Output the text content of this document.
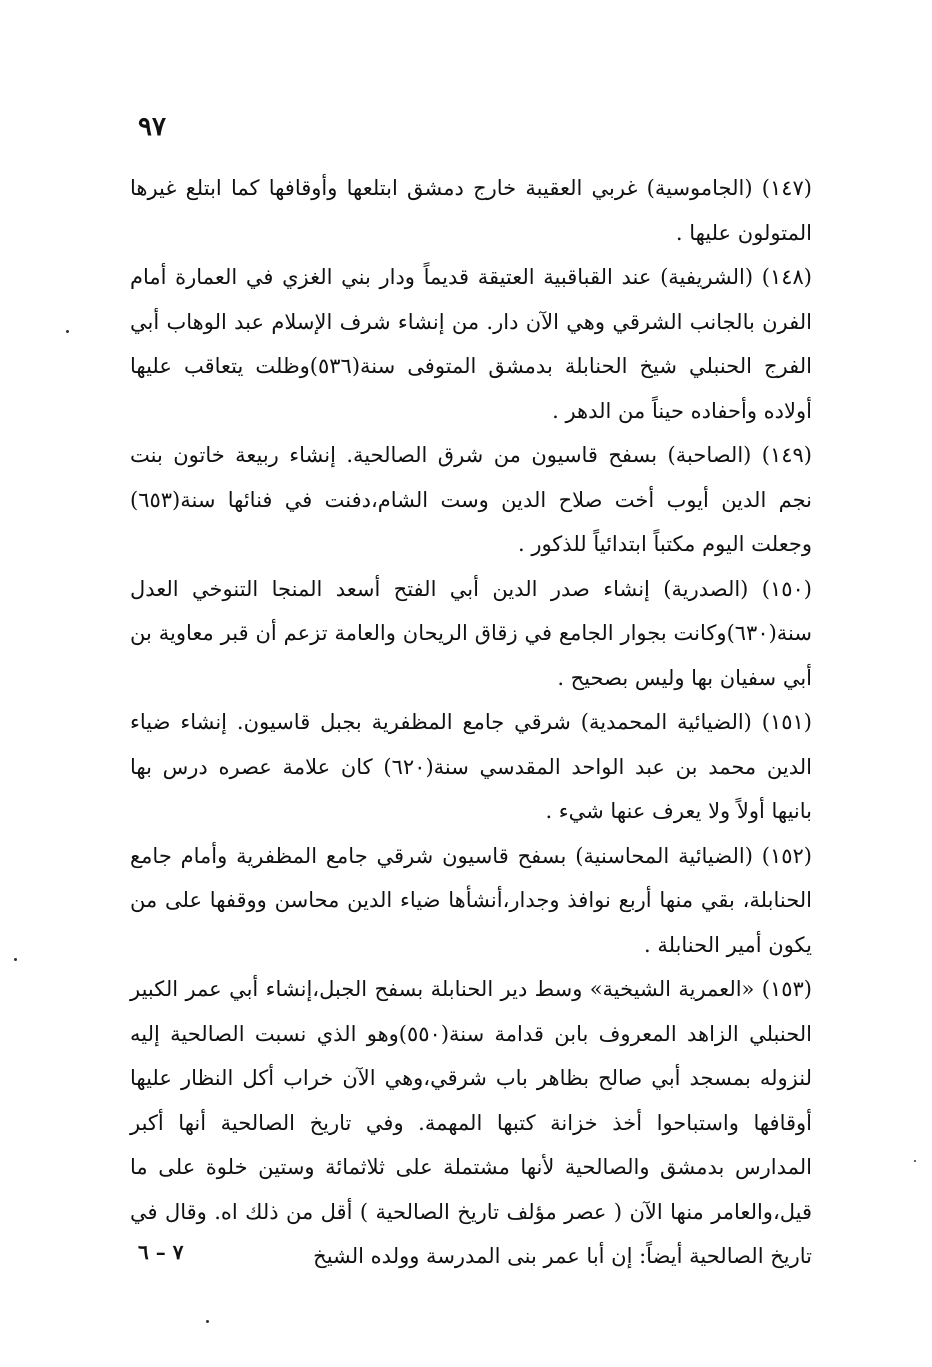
٩٧

(١٤٧) (الجاموسية) غربي العقيبة خارج دمشق ابتلعها وأوقافها كما ابتلع غيرها المتولون عليها .

(١٤٨) (الشريفية) عند القباقبية العتيقة قديماً ودار بني الغزي في العمارة أمام الفرن بالجانب الشرقي وهي الآن دار. من إنشاء شرف الإسلام عبد الوهاب أبي الفرج الحنبلي شيخ الحنابلة بدمشق المتوفى سنة(٥٣٦)وظلت يتعاقب عليها أولاده وأحفاده حيناً من الدهر .

(١٤٩) (الصاحبة) بسفح قاسيون من شرق الصالحية. إنشاء ربيعة خاتون بنت نجم الدين أيوب أخت صلاح الدين وست الشام،دفنت في فنائها سنة(٦٥٣) وجعلت اليوم مكتباً ابتدائياً للذكور .

(١٥٠) (الصدرية) إنشاء صدر الدين أبي الفتح أسعد المنجا التنوخي العدل سنة(٦٣٠)وكانت بجوار الجامع في زقاق الريحان والعامة تزعم أن قبر معاوية بن أبي سفيان بها وليس بصحيح .

(١٥١) (الضيائية المحمدية) شرقي جامع المظفرية بجبل قاسيون. إنشاء ضياء الدين محمد بن عبد الواحد المقدسي سنة(٦٢٠) كان علامة عصره درس بها بانيها أولاً ولا يعرف عنها شيء .

(١٥٢) (الضيائية المحاسنية) بسفح قاسيون شرقي جامع المظفرية وأمام جامع الحنابلة، بقي منها أربع نوافذ وجدار،أنشأها ضياء الدين محاسن ووقفها على من يكون أمير الحنابلة .

(١٥٣) «العمرية الشيخية» وسط دير الحنابلة بسفح الجبل،إنشاء أبي عمر الكبير الحنبلي الزاهد المعروف بابن قدامة سنة(٥٥٠)وهو الذي نسبت الصالحية إليه لنزوله بمسجد أبي صالح بظاهر باب شرقي،وهي الآن خراب أكل النظار عليها أوقافها واستباحوا أخذ خزانة كتبها المهمة. وفي تاريخ الصالحية أنها أكبر المدارس بدمشق والصالحية لأنها مشتملة على ثلاثمائة وستين خلوة على ما قيل،والعامر منها الآن ( عصر مؤلف تاريخ الصالحية ) أقل من ذلك اه. وقال في تاريخ الصالحية أيضاً: إن أبا عمر بنى المدرسة وولده الشيخ

٧ – ٦
